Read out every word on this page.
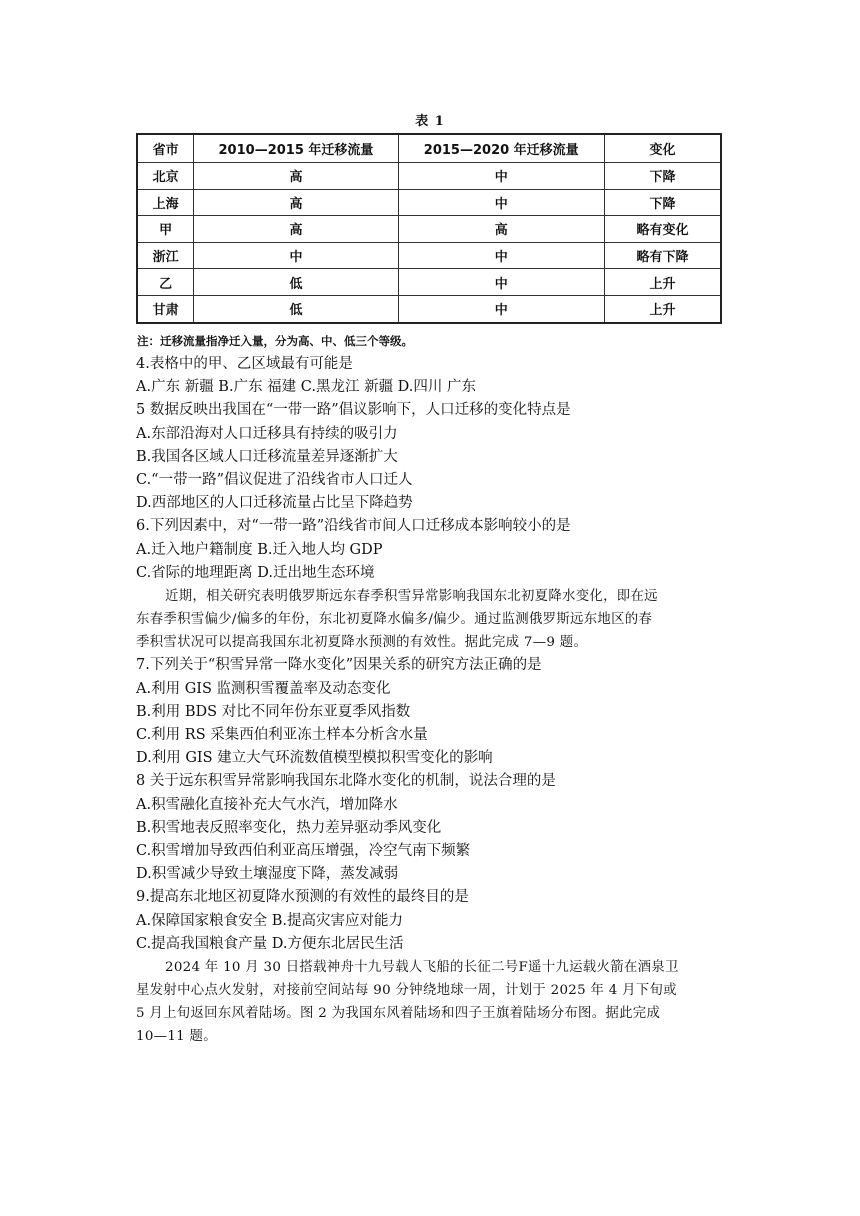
表 1
省市	2010—2015 年迁移流量	2015—2020 年迁移流量	变化
北京	高	中	下降
上海	高	中	下降
甲	高	高	略有变化
浙江	中	中	略有下降
乙	低	中	上升
甘肃	低	中	上升
注：迁移流量指净迁入量，分为高、中、低三个等级。
4.表格中的甲、乙区域最有可能是
A.广东 新疆 B.广东 福建 C.黑龙江 新疆 D.四川 广东
5 数据反映出我国在“一带一路”倡议影响下，人口迁移的变化特点是
A.东部沿海对人口迁移具有持续的吸引力
B.我国各区域人口迁移流量差异逐渐扩大
C.“一带一路”倡议促进了沿线省市人口迁人
D.西部地区的人口迁移流量占比呈下降趋势
6.下列因素中，对“一带一路”沿线省市间人口迁移成本影响较小的是
A.迁入地户籍制度 B.迁入地人均 GDP
C.省际的地理距离 D.迁出地生态环境
近期，相关研究表明俄罗斯远东春季积雪异常影响我国东北初夏降水变化，即在远
东春季积雪偏少/偏多的年份，东北初夏降水偏多/偏少。通过监测俄罗斯远东地区的春
季积雪状况可以提高我国东北初夏降水预测的有效性。据此完成 7—9 题。
7.下列关于“积雪异常一降水变化”因果关系的研究方法正确的是
A.利用 GIS 监测积雪覆盖率及动态变化
B.利用 BDS 对比不同年份东亚夏季风指数
C.利用 RS 采集西伯利亚冻土样本分析含水量
D.利用 GIS 建立大气环流数值模型模拟积雪变化的影响
8 关于远东积雪异常影响我国东北降水变化的机制，说法合理的是
A.积雪融化直接补充大气水汽，增加降水
B.积雪地表反照率变化，热力差异驱动季风变化
C.积雪增加导致西伯利亚高压增强，冷空气南下频繁
D.积雪减少导致土壤湿度下降，蒸发减弱
9.提高东北地区初夏降水预测的有效性的最终目的是
A.保障国家粮食安全 B.提高灾害应对能力
C.提高我国粮食产量 D.方便东北居民生活
2024 年 10 月 30 日搭载神舟十九号载人飞船的长征二号F遥十九运载火箭在酒泉卫
星发射中心点火发射，对接前空间站每 90 分钟绕地球一周，计划于 2025 年 4 月下旬或
5 月上旬返回东风着陆场。图 2 为我国东风着陆场和四子王旗着陆场分布图。据此完成
10—11 题。
